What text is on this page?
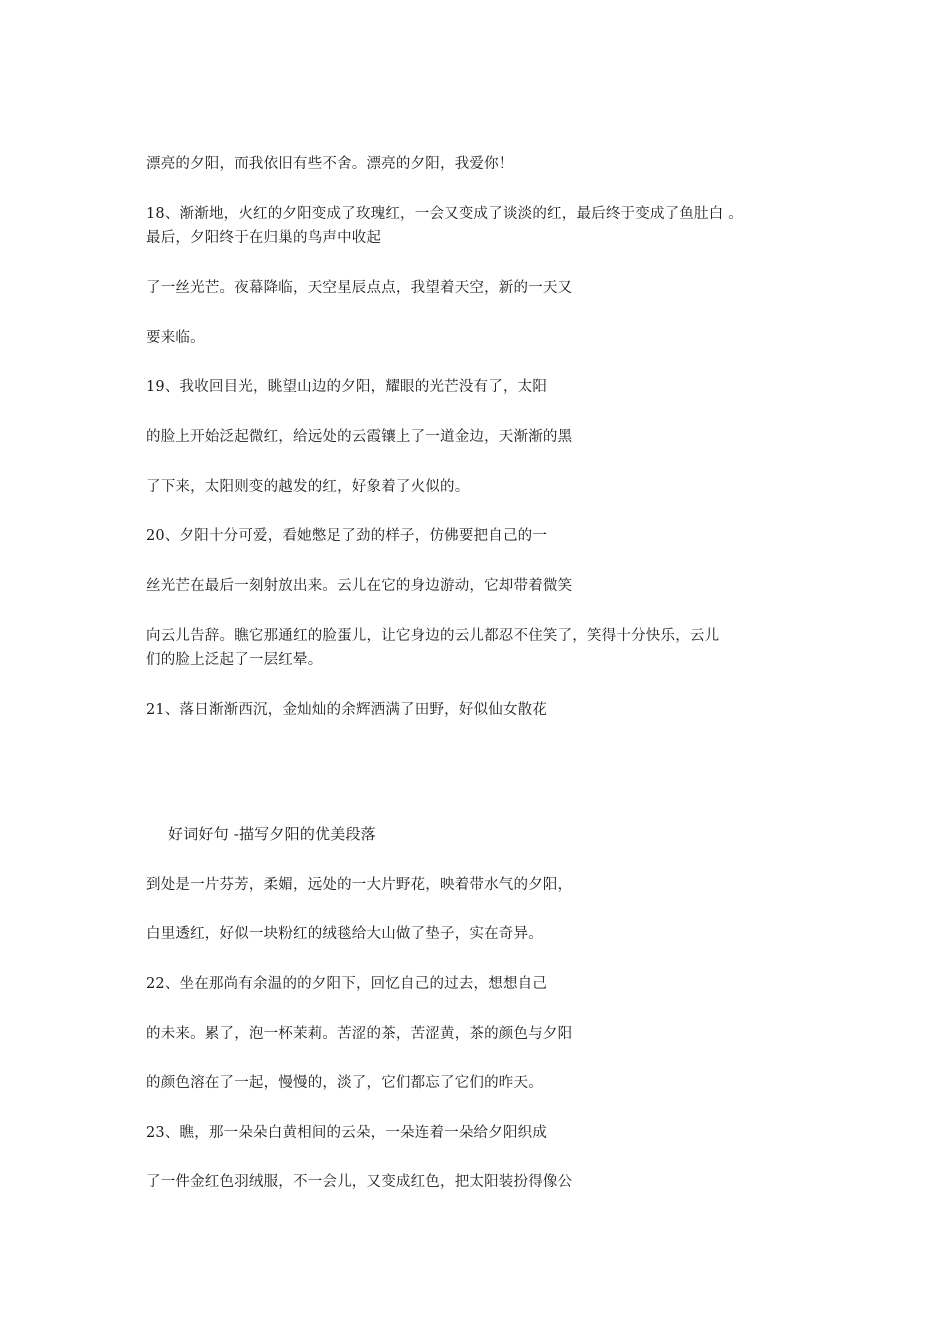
漂亮的夕阳，而我依旧有些不舍。漂亮的夕阳，我爱你！
18、渐渐地，火红的夕阳变成了玫瑰红，一会又变成了谈淡的红，最后终于变成了鱼肚白 。
最后，夕阳终于在归巢的鸟声中收起
了一丝光芒。夜幕降临，天空星辰点点，我望着天空，新的一天又
要来临。
19、我收回目光，眺望山边的夕阳，耀眼的光芒没有了，太阳
的脸上开始泛起微红，给远处的云霞镶上了一道金边，天渐渐的黑
了下来，太阳则变的越发的红，好象着了火似的。
20、夕阳十分可爱，看她憋足了劲的样子，仿佛要把自己的一
丝光芒在最后一刻射放出来。云儿在它的身边游动，它却带着微笑
向云儿告辞。瞧它那通红的脸蛋儿，让它身边的云儿都忍不住笑了，笑得十分快乐，云儿
们的脸上泛起了一层红晕。
21、落日渐渐西沉，金灿灿的余辉洒满了田野，好似仙女散花
好词好句 -描写夕阳的优美段落
到处是一片芬芳，柔媚，远处的一大片野花，映着带水气的夕阳，
白里透红，好似一块粉红的绒毯给大山做了垫子，实在奇异。
22、坐在那尚有余温的的夕阳下，回忆自己的过去，想想自己
的未来。累了，泡一杯茉莉。苦涩的茶，苦涩黄，茶的颜色与夕阳
的颜色溶在了一起，慢慢的，淡了，它们都忘了它们的昨天。
23、瞧，那一朵朵白黄相间的云朵，一朵连着一朵给夕阳织成
了一件金红色羽绒服，不一会儿，又变成红色，把太阳装扮得像公
